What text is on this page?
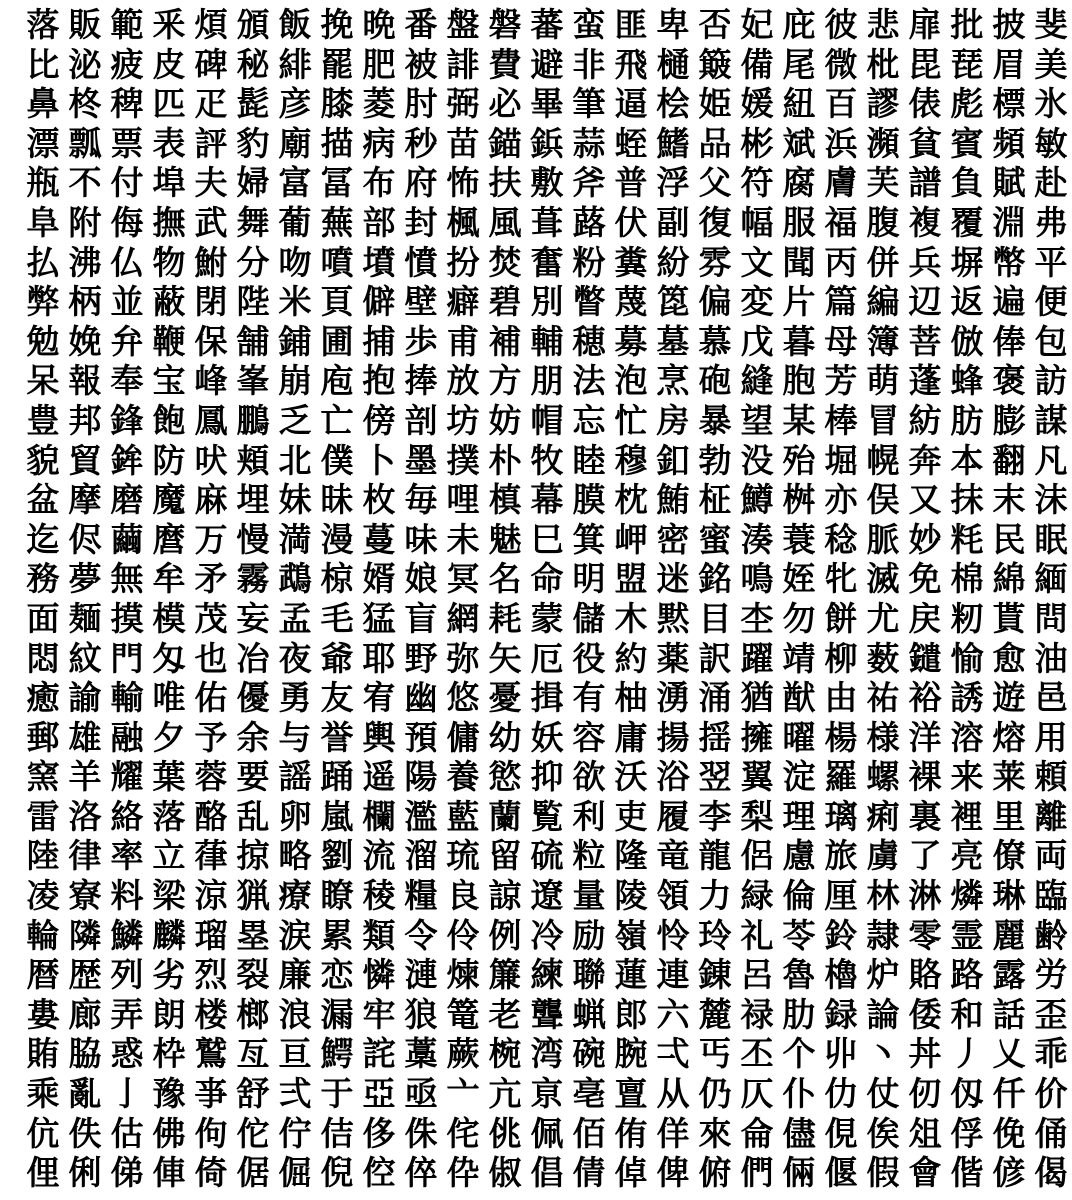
落 販 範 釆 煩 頒 飯 挽 晩 番 盤 磐 蕃 蛮 匪 卑 否 妃 庇 彼 悲 扉 批 披 斐
比 泌 疲 皮 碑 秘 緋 罷 肥 被 誹 費 避 非 飛 樋 簸 備 尾 微 枇 毘 琵 眉 美
鼻 柊 稗 匹 疋 髭 彦 膝 菱 肘 弼 必 畢 筆 逼 桧 姫 媛 紐 百 謬 俵 彪 標 氷
漂 瓢 票 表 評 豹 廟 描 病 秒 苗 錨 鋲 蒜 蛭 鰭 品 彬 斌 浜 瀕 貧 賓 頻 敏
瓶 不 付 埠 夫 婦 富 冨 布 府 怖 扶 敷 斧 普 浮 父 符 腐 膚 芙 譜 負 賦 赴
阜 附 侮 撫 武 舞 葡 蕪 部 封 楓 風 葺 蕗 伏 副 復 幅 服 福 腹 複 覆 淵 弗
払 沸 仏 物 鮒 分 吻 噴 墳 憤 扮 焚 奮 粉 糞 紛 雰 文 聞 丙 併 兵 塀 幣 平
弊 柄 並 蔽 閉 陛 米 頁 僻 壁 癖 碧 別 瞥 蔑 箆 偏 変 片 篇 編 辺 返 遍 便
勉 娩 弁 鞭 保 舗 鋪 圃 捕 歩 甫 補 輔 穂 募 墓 慕 戊 暮 母 簿 菩 倣 俸 包
呆 報 奉 宝 峰 峯 崩 庖 抱 捧 放 方 朋 法 泡 烹 砲 縫 胞 芳 萌 蓬 蜂 褒 訪
豊 邦 鋒 飽 鳳 鵬 乏 亡 傍 剖 坊 妨 帽 忘 忙 房 暴 望 某 棒 冒 紡 肪 膨 謀
貌 貿 鉾 防 吠 頬 北 僕 卜 墨 撲 朴 牧 睦 穆 釦 勃 没 殆 堀 幌 奔 本 翻 凡
盆 摩 磨 魔 麻 埋 妹 昧 枚 毎 哩 槙 幕 膜 枕 鮪 柾 鱒 桝 亦 俣 又 抹 末 沫
迄 侭 繭 麿 万 慢 満 漫 蔓 味 未 魅 巳 箕 岬 密 蜜 湊 蓑 稔 脈 妙 粍 民 眠
務 夢 無 牟 矛 霧 鵡 椋 婿 娘 冥 名 命 明 盟 迷 銘 鳴 姪 牝 滅 免 棉 綿 緬
面 麺 摸 模 茂 妄 孟 毛 猛 盲 網 耗 蒙 儲 木 黙 目 杢 勿 餅 尤 戻 籾 貰 問
悶 紋 門 匁 也 冶 夜 爺 耶 野 弥 矢 厄 役 約 薬 訳 躍 靖 柳 薮 鑓 愉 愈 油
癒 諭 輸 唯 佑 優 勇 友 宥 幽 悠 憂 揖 有 柚 湧 涌 猶 猷 由 祐 裕 誘 遊 邑
郵 雄 融 夕 予 余 与 誉 輿 預 傭 幼 妖 容 庸 揚 揺 擁 曜 楊 様 洋 溶 熔 用
窯 羊 耀 葉 蓉 要 謡 踊 遥 陽 養 慾 抑 欲 沃 浴 翌 翼 淀 羅 螺 裸 来 莱 頼
雷 洛 絡 落 酪 乱 卵 嵐 欄 濫 藍 蘭 覧 利 吏 履 李 梨 理 璃 痢 裏 裡 里 離
陸 律 率 立 葎 掠 略 劉 流 溜 琉 留 硫 粒 隆 竜 龍 侶 慮 旅 虜 了 亮 僚 両
凌 寮 料 梁 涼 猟 療 瞭 稜 糧 良 諒 遼 量 陵 領 力 緑 倫 厘 林 淋 燐 琳 臨
輪 隣 鱗 麟 瑠 塁 涙 累 類 令 伶 例 冷 励 嶺 怜 玲 礼 苓 鈴 隷 零 霊 麗 齢
暦 歴 列 劣 烈 裂 廉 恋 憐 漣 煉 簾 練 聯 蓮 連 錬 呂 魯 櫓 炉 賂 路 露 労
婁 廊 弄 朗 楼 榔 浪 漏 牢 狼 篭 老 聾 蝋 郎 六 麓 禄 肋 録 論 倭 和 話 歪
賄 脇 惑 枠 鷲 亙 亘 鰐 詫 藁 蕨 椀 湾 碗 腕 弌 丐 丕 个 丱 丶 丼 丿 乂 乖
乘 亂 亅 豫 亊 舒 弍 于 亞 亟 亠 亢 亰 亳 亶 从 仍 仄 仆 仂 仗 仞 仭 仟 价
伉 佚 估 佛 佝 佗 佇 佶 侈 侏 侘 佻 佩 佰 侑 佯 來 侖 儘 俔 俟 俎 俘 俛 俑
俚 俐 俤 俥 倚 倨 倔 倪 倥 倅 伜 俶 倡 倩 倬 俾 俯 們 倆 偃 假 會 偕 偐 偈
